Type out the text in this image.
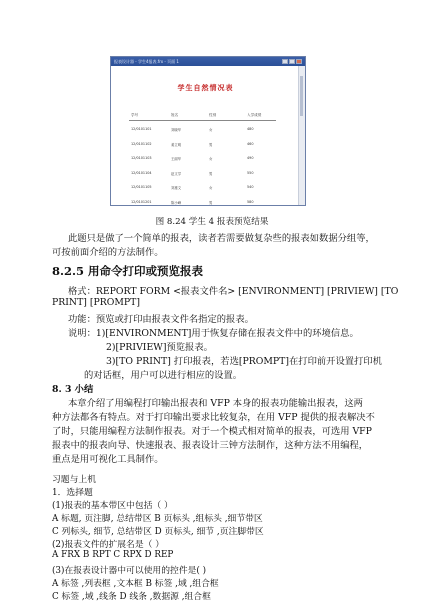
报表设计器 - 学生4报表.frx - 页面 1
学生自然情况表
学号	姓名	性别	入学成绩
12/0101101	刘晓华	女	480
12/0101102	姜立明	男	460
12/0101103	王丽华	女	490
12/0101104	赵文学	男	550
12/0101105	刘惠文	女	540
12/0101201	陈小峰	男	580
图 8.24 学生 4 报表预览结果
此题只是做了一个简单的报表，读者若需要做复杂些的报表如数据分组等，
可按前面介绍的方法制作。
8.2.5 用命令打印或预览报表
格式：REPORT FORM <报表文件名> [ENVIRONMENT] [PRIVIEW] [TO
PRINT] [PROMPT]
功能：预览或打印由报表文件名指定的报表。
说明：1)[ENVIRONMENT]用于恢复存储在报表文件中的环境信息。
2)[PRIVIEW]预览报表。
3)[TO PRINT] 打印报表，若选[PROMPT]在打印前开设置打印机
的对话框，用户可以进行相应的设置。
8. 3 小结
本章介绍了用编程打印输出报表和 VFP 本身的报表功能输出报表，这两
种方法都各有特点。对于打印输出要求比较复杂，在用 VFP 提供的报表解决不
了时，只能用编程方法制作报表。对于一个模式相对简单的报表，可选用 VFP
报表中的报表向导、快速报表、报表设计三钟方法制作，这种方法不用编程，
重点是用可视化工具制作。
习题与上机
1．选择题
(1)报表的基本带区中包括（ ）
A 标题, 页注脚, 总结带区 B 页标头 ,组标头 ,细节带区
C 列标头, 细节, 总结带区 D 页标头, 细节 ,页注脚带区
(2)报表文件的扩展名是（ ）
A FRX B RPT C RPX D REP
(3)在报表设计器中可以使用的控件是( )
A 标签 ,列表框 ,文本框 B 标签 ,域 ,组合框
C 标签 ,域 ,线条 D 线条 ,数据源 ,组合框
